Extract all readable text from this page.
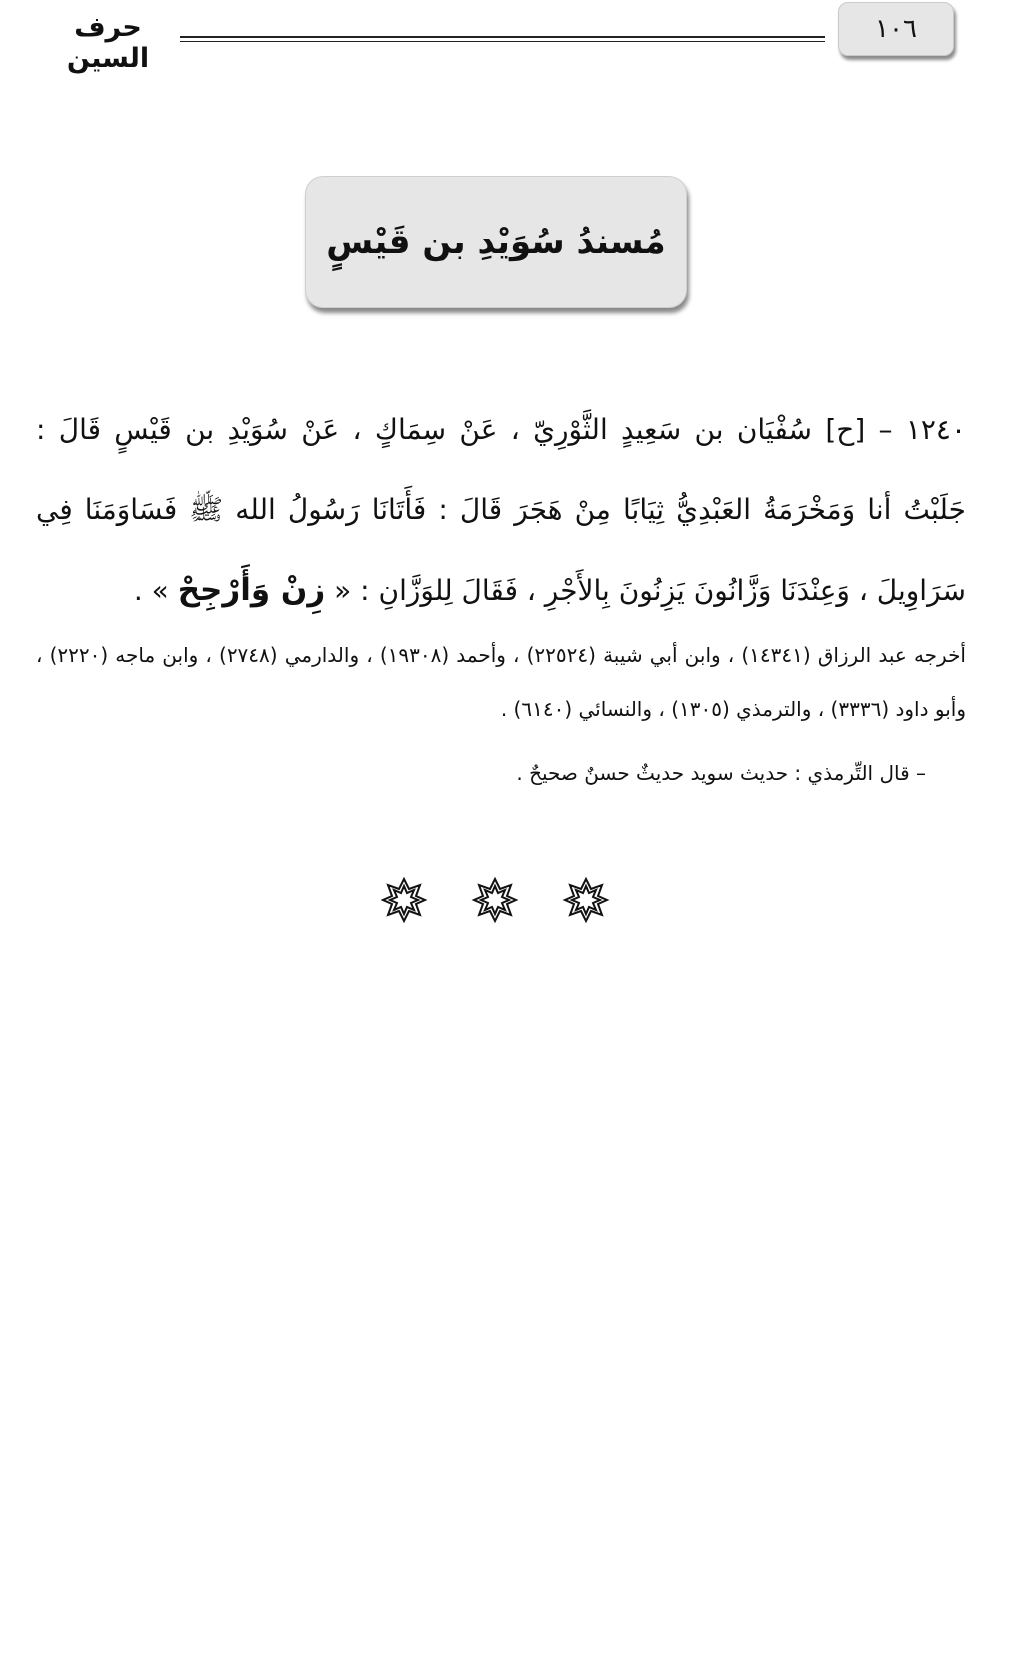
١٠٦
حرف السين
مُسندُ سُوَيْدِ بن قَيْسٍ

١٢٤٠ – [ح] سُفْيَان بن سَعِيدٍ الثَّوْرِيّ ، عَنْ سِمَاكٍ ، عَنْ سُوَيْدِ بن قَيْسٍ قَالَ : جَلَبْتُ أنا وَمَخْرَمَةُ العَبْدِيُّ ثِيَابًا مِنْ هَجَرَ قَالَ : فَأَتَانَا رَسُولُ الله ﷺ فَسَاوَمَنَا فِي سَرَاوِيلَ ، وَعِنْدَنَا وَزَّانُونَ يَزِنُونَ بِالأَجْرِ ، فَقَالَ لِلوَزَّانِ : « زِنْ وَأَرْجِحْ » .

أخرجه عبد الرزاق (١٤٣٤١) ، وابن أبي شيبة (٢٢٥٢٤) ، وأحمد (١٩٣٠٨) ، والدارمي (٢٧٤٨) ، وابن ماجه (٢٢٢٠) ، وأبو داود (٣٣٣٦) ، والترمذي (١٣٠٥) ، والنسائي (٦١٤٠) .
– قال التِّرمذي : حديث سويد حديثٌ حسنٌ صحيحٌ .
